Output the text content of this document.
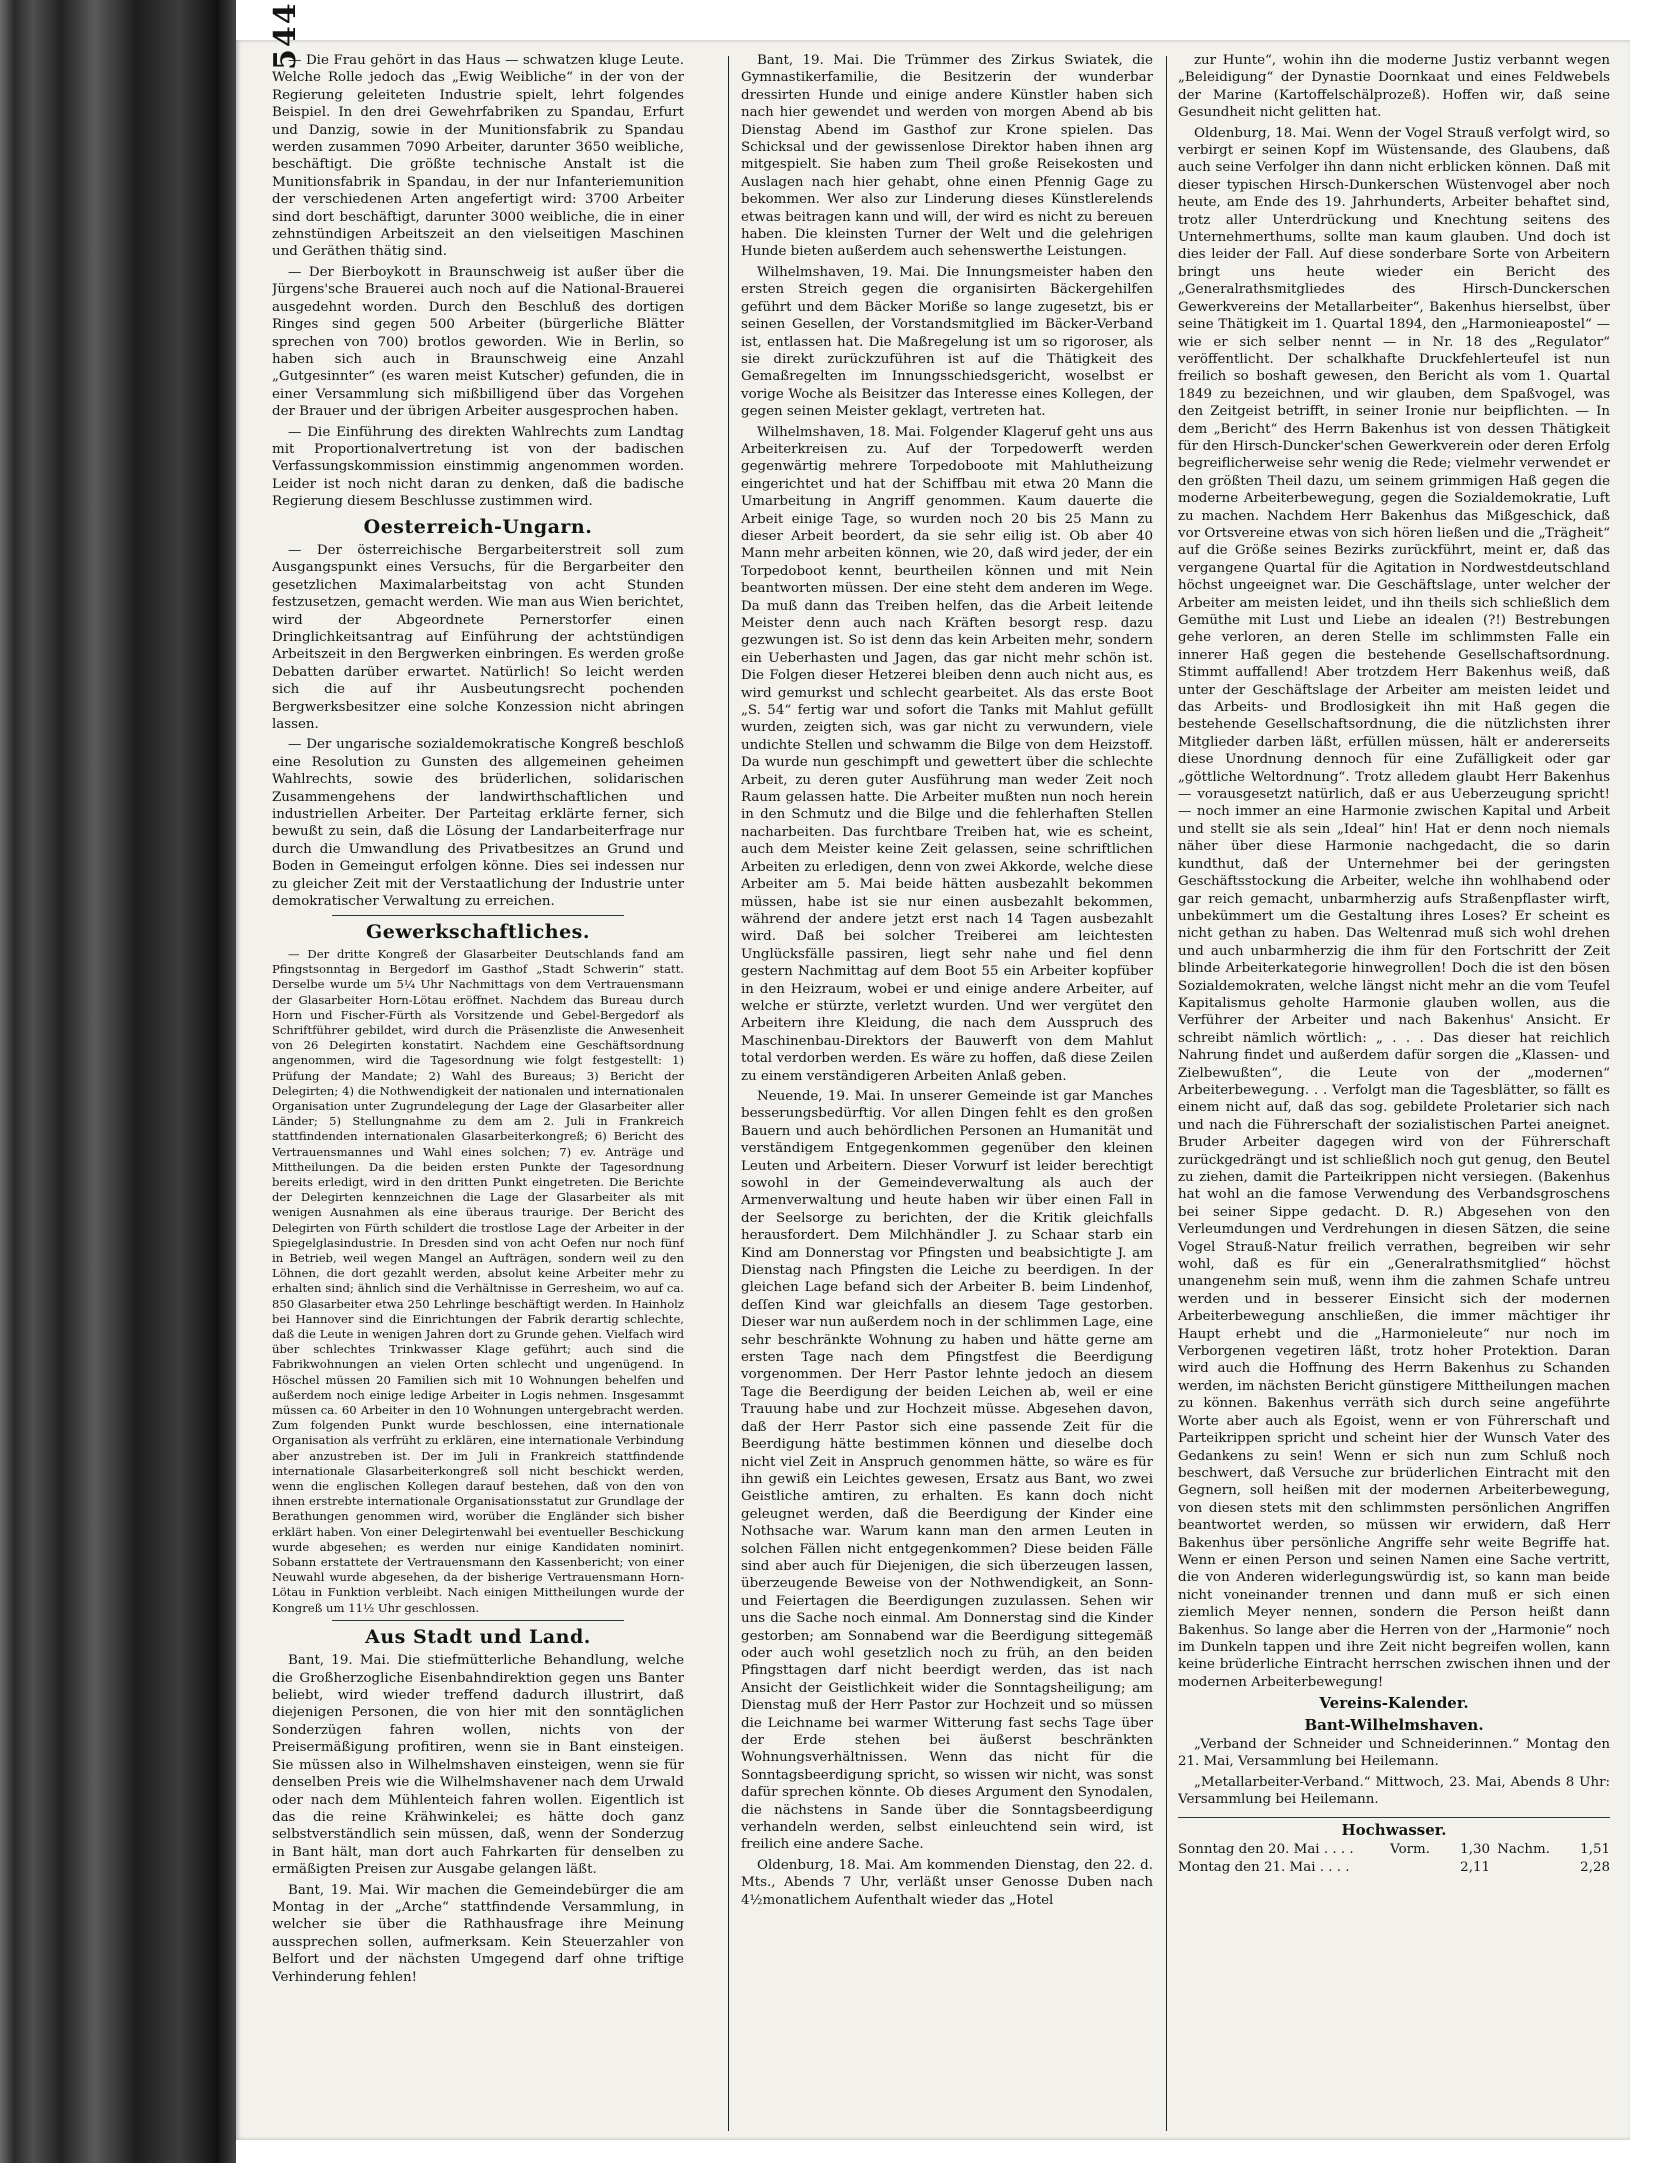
544

— Die Frau gehört in das Haus — schwatzen kluge Leute. Welche Rolle jedoch das „Ewig Weibliche“ in der von der Regierung geleiteten Industrie spielt, lehrt folgendes Beispiel. In den drei Gewehrfabriken zu Spandau, Erfurt und Danzig, sowie in der Munitionsfabrik zu Spandau werden zusammen 7090 Arbeiter, darunter 3650 weibliche, beschäftigt. Die größte technische Anstalt ist die Munitionsfabrik in Spandau, in der nur Infanteriemunition der verschiedenen Arten angefertigt wird: 3700 Arbeiter sind dort beschäftigt, darunter 3000 weibliche, die in einer zehnstündigen Arbeitszeit an den vielseitigen Maschinen und Geräthen thätig sind.

— Der Bierboykott in Braunschweig ist außer über die Jürgens'sche Brauerei auch noch auf die National-Brauerei ausgedehnt worden. Durch den Beschluß des dortigen Ringes sind gegen 500 Arbeiter (bürgerliche Blätter sprechen von 700) brotlos geworden. Wie in Berlin, so haben sich auch in Braunschweig eine Anzahl „Gutgesinnter“ (es waren meist Kutscher) gefunden, die in einer Versammlung sich mißbilligend über das Vorgehen der Brauer und der übrigen Arbeiter ausgesprochen haben.

— Die Einführung des direkten Wahlrechts zum Landtag mit Proportionalvertretung ist von der badischen Verfassungskommission einstimmig angenommen worden. Leider ist noch nicht daran zu denken, daß die badische Regierung diesem Beschlusse zustimmen wird.

Oesterreich-Ungarn.

— Der österreichische Bergarbeiterstreit soll zum Ausgangspunkt eines Versuchs, für die Bergarbeiter den gesetzlichen Maximalarbeitstag von acht Stunden festzusetzen, gemacht werden. Wie man aus Wien berichtet, wird der Abgeordnete Pernerstorfer einen Dringlichkeitsantrag auf Einführung der achtstündigen Arbeitszeit in den Bergwerken einbringen. Es werden große Debatten darüber erwartet. Natürlich! So leicht werden sich die auf ihr Ausbeutungsrecht pochenden Bergwerksbesitzer eine solche Konzession nicht abringen lassen.

— Der ungarische sozialdemokratische Kongreß beschloß eine Resolution zu Gunsten des allgemeinen geheimen Wahlrechts, sowie des brüderlichen, solidarischen Zusammengehens der landwirthschaftlichen und industriellen Arbeiter. Der Parteitag erklärte ferner, sich bewußt zu sein, daß die Lösung der Landarbeiterfrage nur durch die Umwandlung des Privatbesitzes an Grund und Boden in Gemeingut erfolgen könne. Dies sei indessen nur zu gleicher Zeit mit der Verstaatlichung der Industrie unter demokratischer Verwaltung zu erreichen.

Gewerkschaftliches.

— Der dritte Kongreß der Glasarbeiter Deutschlands fand am Pfingstsonntag in Bergedorf im Gasthof „Stadt Schwerin“ statt. Derselbe wurde um 5¼ Uhr Nachmittags von dem Vertrauensmann der Glasarbeiter Horn-Lötau eröffnet. Nachdem das Bureau durch Horn und Fischer-Fürth als Vorsitzende und Gebel-Bergedorf als Schriftführer gebildet, wird durch die Präsenzliste die Anwesenheit von 26 Delegirten konstatirt. Nachdem eine Geschäftsordnung angenommen, wird die Tagesordnung wie folgt festgestellt: 1) Prüfung der Mandate; 2) Wahl des Bureaus; 3) Bericht der Delegirten; 4) die Nothwendigkeit der nationalen und internationalen Organisation unter Zugrundelegung der Lage der Glasarbeiter aller Länder; 5) Stellungnahme zu dem am 2. Juli in Frankreich stattfindenden internationalen Glasarbeiterkongreß; 6) Bericht des Vertrauensmannes und Wahl eines solchen; 7) ev. Anträge und Mittheilungen. Da die beiden ersten Punkte der Tagesordnung bereits erledigt, wird in den dritten Punkt eingetreten. Die Berichte der Delegirten kennzeichnen die Lage der Glasarbeiter als mit wenigen Ausnahmen als eine überaus traurige. Der Bericht des Delegirten von Fürth schildert die trostlose Lage der Arbeiter in der Spiegelglasindustrie. In Dresden sind von acht Oefen nur noch fünf in Betrieb, weil wegen Mangel an Aufträgen, sondern weil zu den Löhnen, die dort gezahlt werden, absolut keine Arbeiter mehr zu erhalten sind; ähnlich sind die Verhältnisse in Gerresheim, wo auf ca. 850 Glasarbeiter etwa 250 Lehrlinge beschäftigt werden. In Hainholz bei Hannover sind die Einrichtungen der Fabrik derartig schlechte, daß die Leute in wenigen Jahren dort zu Grunde gehen. Vielfach wird über schlechtes Trinkwasser Klage geführt; auch sind die Fabrikwohnungen an vielen Orten schlecht und ungenügend. In Höschel müssen 20 Familien sich mit 10 Wohnungen behelfen und außerdem noch einige ledige Arbeiter in Logis nehmen. Insgesammt müssen ca. 60 Arbeiter in den 10 Wohnungen untergebracht werden. Zum folgenden Punkt wurde beschlossen, eine internationale Organisation als verfrüht zu erklären, eine internationale Verbindung aber anzustreben ist. Der im Juli in Frankreich stattfindende internationale Glasarbeiterkongreß soll nicht beschickt werden, wenn die englischen Kollegen darauf bestehen, daß von den von ihnen erstrebte internationale Organisationsstatut zur Grundlage der Berathungen genommen wird, worüber die Engländer sich bisher erklärt haben. Von einer Delegirtenwahl bei eventueller Beschickung wurde abgesehen; es werden nur einige Kandidaten nominirt. Sobann erstattete der Vertrauensmann den Kassenbericht; von einer Neuwahl wurde abgesehen, da der bisherige Vertrauensmann Horn-Lötau in Funktion verbleibt. Nach einigen Mittheilungen wurde der Kongreß um 11½ Uhr geschlossen.

Aus Stadt und Land.

Bant, 19. Mai. Die stiefmütterliche Behandlung, welche die Großherzogliche Eisenbahndirektion gegen uns Banter beliebt, wird wieder treffend dadurch illustrirt, daß diejenigen Personen, die von hier mit den sonntäglichen Sonderzügen fahren wollen, nichts von der Preisermäßigung profitiren, wenn sie in Bant einsteigen. Sie müssen also in Wilhelmshaven einsteigen, wenn sie für denselben Preis wie die Wilhelmshavener nach dem Urwald oder nach dem Mühlenteich fahren wollen. Eigentlich ist das die reine Krähwinkelei; es hätte doch ganz selbstverständlich sein müssen, daß, wenn der Sonderzug in Bant hält, man dort auch Fahrkarten für denselben zu ermäßigten Preisen zur Ausgabe gelangen läßt.

Bant, 19. Mai. Wir machen die Gemeindebürger die am Montag in der „Arche“ stattfindende Versammlung, in welcher sie über die Rathhausfrage ihre Meinung aussprechen sollen, aufmerksam. Kein Steuerzahler von Belfort und der nächsten Umgegend darf ohne triftige Verhinderung fehlen!

Bant, 19. Mai. Die Trümmer des Zirkus Swiatek, die Gymnastikerfamilie, die Besitzerin der wunderbar dressirten Hunde und einige andere Künstler haben sich nach hier gewendet und werden von morgen Abend ab bis Dienstag Abend im Gasthof zur Krone spielen. Das Schicksal und der gewissenlose Direktor haben ihnen arg mitgespielt. Sie haben zum Theil große Reisekosten und Auslagen nach hier gehabt, ohne einen Pfennig Gage zu bekommen. Wer also zur Linderung dieses Künstlerelends etwas beitragen kann und will, der wird es nicht zu bereuen haben. Die kleinsten Turner der Welt und die gelehrigen Hunde bieten außerdem auch sehenswerthe Leistungen.

Wilhelmshaven, 19. Mai. Die Innungsmeister haben den ersten Streich gegen die organisirten Bäckergehilfen geführt und dem Bäcker Moriße so lange zugesetzt, bis er seinen Gesellen, der Vorstandsmitglied im Bäcker-Verband ist, entlassen hat. Die Maßregelung ist um so rigoroser, als sie direkt zurückzuführen ist auf die Thätigkeit des Gemaßregelten im Innungsschiedsgericht, woselbst er vorige Woche als Beisitzer das Interesse eines Kollegen, der gegen seinen Meister geklagt, vertreten hat.

Wilhelmshaven, 18. Mai. Folgender Klageruf geht uns aus Arbeiterkreisen zu. Auf der Torpedowerft werden gegenwärtig mehrere Torpedoboote mit Mahlutheizung eingerichtet und hat der Schiffbau mit etwa 20 Mann die Umarbeitung in Angriff genommen. Kaum dauerte die Arbeit einige Tage, so wurden noch 20 bis 25 Mann zu dieser Arbeit beordert, da sie sehr eilig ist. Ob aber 40 Mann mehr arbeiten können, wie 20, daß wird jeder, der ein Torpedoboot kennt, beurtheilen können und mit Nein beantworten müssen. Der eine steht dem anderen im Wege. Da muß dann das Treiben helfen, das die Arbeit leitende Meister denn auch nach Kräften besorgt resp. dazu gezwungen ist. So ist denn das kein Arbeiten mehr, sondern ein Ueberhasten und Jagen, das gar nicht mehr schön ist. Die Folgen dieser Hetzerei bleiben denn auch nicht aus, es wird gemurkst und schlecht gearbeitet. Als das erste Boot „S. 54“ fertig war und sofort die Tanks mit Mahlut gefüllt wurden, zeigten sich, was gar nicht zu verwundern, viele undichte Stellen und schwamm die Bilge von dem Heizstoff. Da wurde nun geschimpft und gewettert über die schlechte Arbeit, zu deren guter Ausführung man weder Zeit noch Raum gelassen hatte. Die Arbeiter mußten nun noch herein in den Schmutz und die Bilge und die fehlerhaften Stellen nacharbeiten. Das furchtbare Treiben hat, wie es scheint, auch dem Meister keine Zeit gelassen, seine schriftlichen Arbeiten zu erledigen, denn von zwei Akkorde, welche diese Arbeiter am 5. Mai beide hätten ausbezahlt bekommen müssen, habe ist sie nur einen ausbezahlt bekommen, während der andere jetzt erst nach 14 Tagen ausbezahlt wird. Daß bei solcher Treiberei am leichtesten Unglücksfälle passiren, liegt sehr nahe und fiel denn gestern Nachmittag auf dem Boot 55 ein Arbeiter kopfüber in den Heizraum, wobei er und einige andere Arbeiter, auf welche er stürzte, verletzt wurden. Und wer vergütet den Arbeitern ihre Kleidung, die nach dem Ausspruch des Maschinenbau-Direktors der Bauwerft von dem Mahlut total verdorben werden. Es wäre zu hoffen, daß diese Zeilen zu einem verständigeren Arbeiten Anlaß geben.

Neuende, 19. Mai. In unserer Gemeinde ist gar Manches besserungsbedürftig. Vor allen Dingen fehlt es den großen Bauern und auch behördlichen Personen an Humanität und verständigem Entgegenkommen gegenüber den kleinen Leuten und Arbeitern. Dieser Vorwurf ist leider berechtigt sowohl in der Gemeindeverwaltung als auch der Armenverwaltung und heute haben wir über einen Fall in der Seelsorge zu berichten, der die Kritik gleichfalls herausfordert. Dem Milchhändler J. zu Schaar starb ein Kind am Donnerstag vor Pfingsten und beabsichtigte J. am Dienstag nach Pfingsten die Leiche zu beerdigen. In der gleichen Lage befand sich der Arbeiter B. beim Lindenhof, deſſen Kind war gleichfalls an diesem Tage gestorben. Dieser war nun außerdem noch in der schlimmen Lage, eine sehr beschränkte Wohnung zu haben und hätte gerne am ersten Tage nach dem Pfingstfest die Beerdigung vorgenommen. Der Herr Pastor lehnte jedoch an diesem Tage die Beerdigung der beiden Leichen ab, weil er eine Trauung habe und zur Hochzeit müsse. Abgesehen davon, daß der Herr Pastor sich eine passende Zeit für die Beerdigung hätte bestimmen können und dieselbe doch nicht viel Zeit in Anspruch genommen hätte, so wäre es für ihn gewiß ein Leichtes gewesen, Ersatz aus Bant, wo zwei Geistliche amtiren, zu erhalten. Es kann doch nicht geleugnet werden, daß die Beerdigung der Kinder eine Nothsache war. Warum kann man den armen Leuten in solchen Fällen nicht entgegenkommen? Diese beiden Fälle sind aber auch für Diejenigen, die sich überzeugen lassen, überzeugende Beweise von der Nothwendigkeit, an Sonn- und Feiertagen die Beerdigungen zuzulassen. Sehen wir uns die Sache noch einmal. Am Donnerstag sind die Kinder gestorben; am Sonnabend war die Beerdigung sittegemäß oder auch wohl gesetzlich noch zu früh, an den beiden Pfingsttagen darf nicht beerdigt werden, das ist nach Ansicht der Geistlichkeit wider die Sonntagsheiligung; am Dienstag muß der Herr Pastor zur Hochzeit und so müssen die Leichname bei warmer Witterung fast sechs Tage über der Erde stehen bei äußerst beschränkten Wohnungsverhältnissen. Wenn das nicht für die Sonntagsbeerdigung spricht, so wissen wir nicht, was sonst dafür sprechen könnte. Ob dieses Argument den Synodalen, die nächstens in Sande über die Sonntagsbeerdigung verhandeln werden, selbst einleuchtend sein wird, ist freilich eine andere Sache.

Oldenburg, 18. Mai. Am kommenden Dienstag, den 22. d. Mts., Abends 7 Uhr, verläßt unser Genosse Duben nach 4½monatlichem Aufenthalt wieder das „Hotel

zur Hunte“, wohin ihn die moderne Justiz verbannt wegen „Beleidigung“ der Dynastie Doornkaat und eines Feldwebels der Marine (Kartoffelschälprozeß). Hoffen wir, daß seine Gesundheit nicht gelitten hat.

Oldenburg, 18. Mai. Wenn der Vogel Strauß verfolgt wird, so verbirgt er seinen Kopf im Wüstensande, des Glaubens, daß auch seine Verfolger ihn dann nicht erblicken können. Daß mit dieser typischen Hirsch-Dunkerschen Wüstenvogel aber noch heute, am Ende des 19. Jahrhunderts, Arbeiter behaftet sind, trotz aller Unterdrückung und Knechtung seitens des Unternehmerthums, sollte man kaum glauben. Und doch ist dies leider der Fall. Auf diese sonderbare Sorte von Arbeitern bringt uns heute wieder ein Bericht des „Generalrathsmitgliedes des Hirsch-Dunckerschen Gewerkvereins der Metallarbeiter“, Bakenhus hierselbst, über seine Thätigkeit im 1. Quartal 1894, den „Harmonieapostel“ — wie er sich selber nennt — in Nr. 18 des „Regulator“ veröffentlicht. Der schalkhafte Druckfehlerteufel ist nun freilich so boshaft gewesen, den Bericht als vom 1. Quartal 1849 zu bezeichnen, und wir glauben, dem Spaßvogel, was den Zeitgeist betrifft, in seiner Ironie nur beipflichten. — In dem „Bericht“ des Herrn Bakenhus ist von dessen Thätigkeit für den Hirsch-Duncker'schen Gewerkverein oder deren Erfolg begreiflicherweise sehr wenig die Rede; vielmehr verwendet er den größten Theil dazu, um seinem grimmigen Haß gegen die moderne Arbeiterbewegung, gegen die Sozialdemokratie, Luft zu machen. Nachdem Herr Bakenhus das Mißgeschick, daß vor Ortsvereine etwas von sich hören ließen und die „Trägheit“ auf die Größe seines Bezirks zurückführt, meint er, daß das vergangene Quartal für die Agitation in Nordwestdeutschland höchst ungeeignet war. Die Geschäftslage, unter welcher der Arbeiter am meisten leidet, und ihn theils sich schließlich dem Gemüthe mit Lust und Liebe an idealen (?!) Bestrebungen gehe verloren, an deren Stelle im schlimmsten Falle ein innerer Haß gegen die bestehende Gesellschaftsordnung. Stimmt auffallend! Aber trotzdem Herr Bakenhus weiß, daß unter der Geschäftslage der Arbeiter am meisten leidet und das Arbeits- und Brodlosigkeit ihn mit Haß gegen die bestehende Gesellschaftsordnung, die die nützlichsten ihrer Mitglieder darben läßt, erfüllen müssen, hält er andererseits diese Unordnung dennoch für eine Zufälligkeit oder gar „göttliche Weltordnung“. Trotz alledem glaubt Herr Bakenhus — vorausgesetzt natürlich, daß er aus Ueberzeugung spricht! — noch immer an eine Harmonie zwischen Kapital und Arbeit und stellt sie als sein „Ideal“ hin! Hat er denn noch niemals näher über diese Harmonie nachgedacht, die so darin kundthut, daß der Unternehmer bei der geringsten Geschäftsstockung die Arbeiter, welche ihn wohlhabend oder gar reich gemacht, unbarmherzig aufs Straßenpflaster wirft, unbekümmert um die Gestaltung ihres Loses? Er scheint es nicht gethan zu haben. Das Weltenrad muß sich wohl drehen und auch unbarmherzig die ihm für den Fortschritt der Zeit blinde Arbeiterkategorie hinwegrollen! Doch die ist den bösen Sozialdemokraten, welche längst nicht mehr an die vom Teufel Kapitalismus geholte Harmonie glauben wollen, aus die Verführer der Arbeiter und nach Bakenhus' Ansicht. Er schreibt nämlich wörtlich: „ . . . Das dieser hat reichlich Nahrung findet und außerdem dafür sorgen die „Klassen- und Zielbewußten“, die Leute von der „modernen“ Arbeiterbewegung. . . Verfolgt man die Tagesblätter, so fällt es einem nicht auf, daß das sog. gebildete Proletarier sich nach und nach die Führerschaft der sozialistischen Partei aneignet. Bruder Arbeiter dagegen wird von der Führerschaft zurückgedrängt und ist schließlich noch gut genug, den Beutel zu ziehen, damit die Parteikrippen nicht versiegen. (Bakenhus hat wohl an die famose Verwendung des Verbandsgroschens bei seiner Sippe gedacht. D. R.) Abgesehen von den Verleumdungen und Verdrehungen in diesen Sätzen, die seine Vogel Strauß-Natur freilich verrathen, begreiben wir sehr wohl, daß es für ein „Generalrathsmitglied“ höchst unangenehm sein muß, wenn ihm die zahmen Schafe untreu werden und in besserer Einsicht sich der modernen Arbeiterbewegung anschließen, die immer mächtiger ihr Haupt erhebt und die „Harmonieleute“ nur noch im Verborgenen vegetiren läßt, trotz hoher Protektion. Daran wird auch die Hoffnung des Herrn Bakenhus zu Schanden werden, im nächsten Bericht günstigere Mittheilungen machen zu können. Bakenhus verräth sich durch seine angeführte Worte aber auch als Egoist, wenn er von Führerschaft und Parteikrippen spricht und scheint hier der Wunsch Vater des Gedankens zu sein! Wenn er sich nun zum Schluß noch beschwert, daß Versuche zur brüderlichen Eintracht mit den Gegnern, soll heißen mit der modernen Arbeiterbewegung, von diesen stets mit den schlimmsten persönlichen Angriffen beantwortet werden, so müssen wir erwidern, daß Herr Bakenhus über persönliche Angriffe sehr weite Begriffe hat. Wenn er einen Person und seinen Namen eine Sache vertritt, die von Anderen widerlegungswürdig ist, so kann man beide nicht voneinander trennen und dann muß er sich einen ziemlich Meyer nennen, sondern die Person heißt dann Bakenhus. So lange aber die Herren von der „Harmonie“ noch im Dunkeln tappen und ihre Zeit nicht begreifen wollen, kann keine brüderliche Eintracht herrschen zwischen ihnen und der modernen Arbeiterbewegung!

Vereins-Kalender.
Bant-Wilhelmshaven.

„Verband der Schneider und Schneiderinnen.“ Montag den 21. Mai, Versammlung bei Heilemann.

„Metallarbeiter-Verband.“ Mittwoch, 23. Mai, Abends 8 Uhr: Versammlung bei Heilemann.

Hochwasser.
Sonntag den 20. Mai . . . .	Vorm.	1,30 Nachm.	1,51
Montag den 21. Mai . . . .	2,11	2,28
